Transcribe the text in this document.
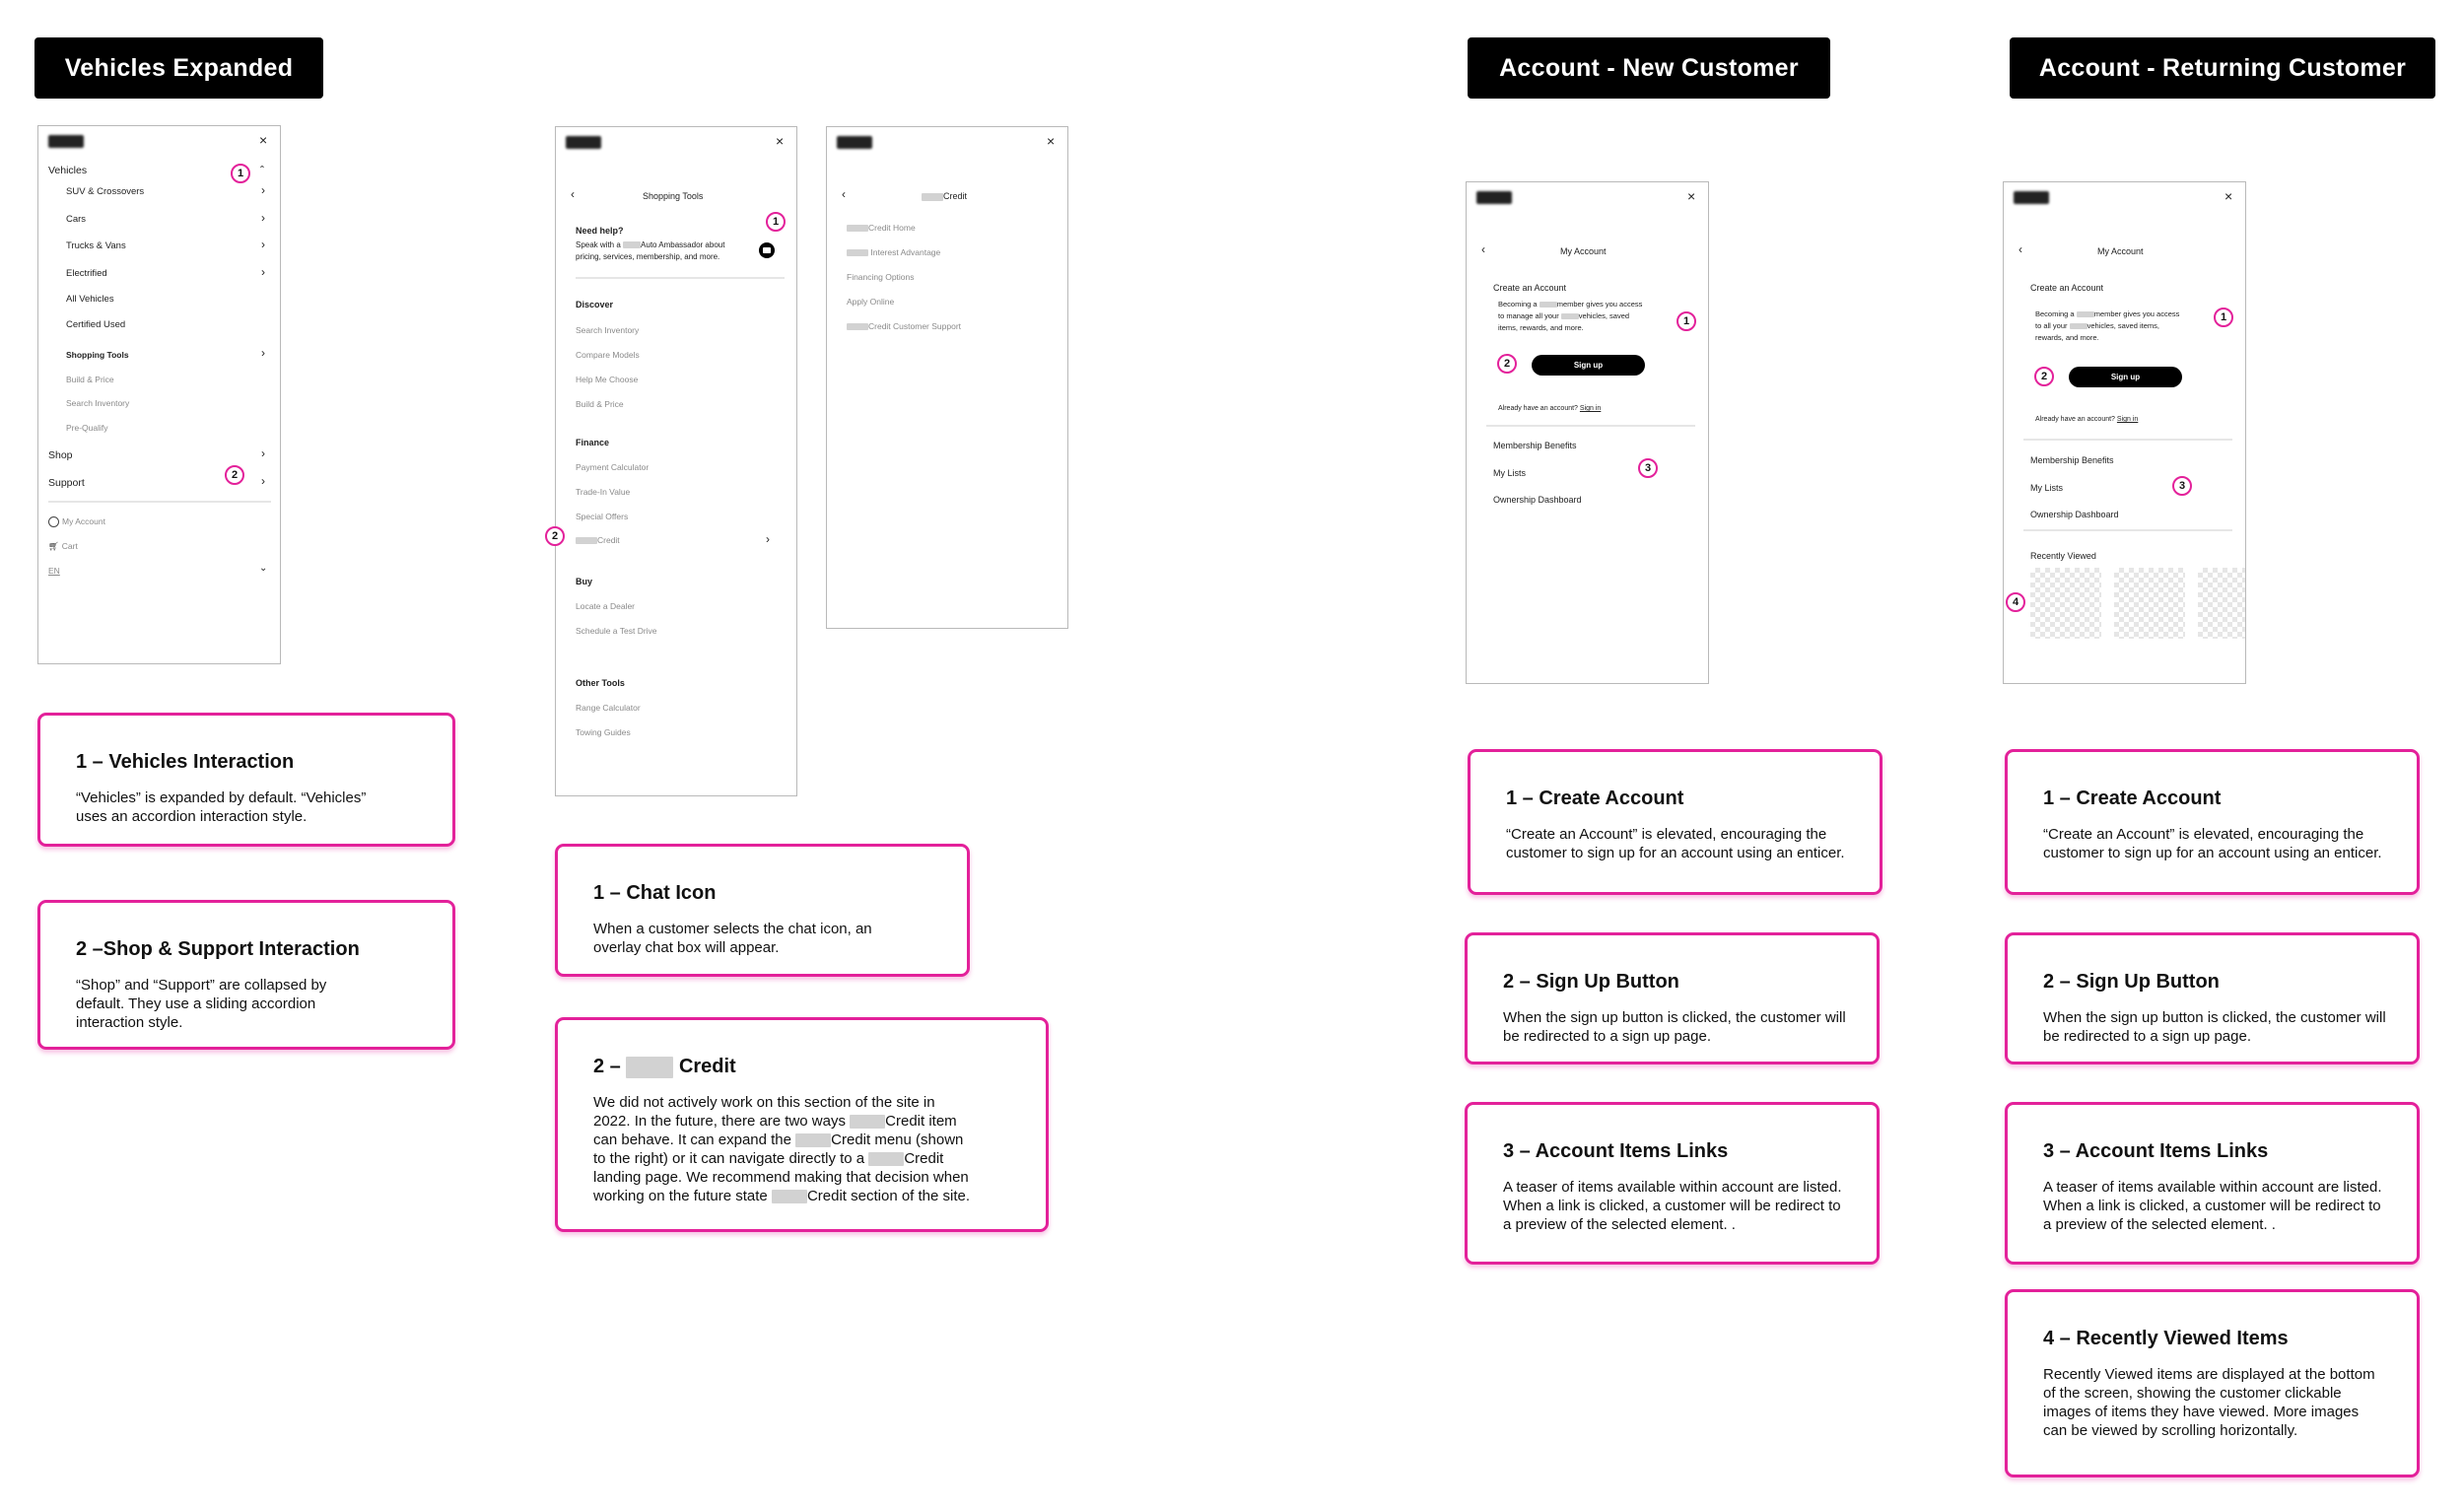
Vehicles Expanded	Account - New Customer	Account - Returning Customer
×
Vehicles	ˆ
SUV & Crossovers	›
Cars	›
Trucks & Vans	›
Electrified	›
All Vehicles
Certified Used
Shopping Tools	›
Build & Price
Search Inventory
Pre-Qualify
Shop	›
Support	›
My Account
🛒︎ Cart
EN	⌄
1
2
×
‹	Shopping Tools
Need help?
Speak with a	Auto Ambassador about
pricing, services, membership, and more.
Discover
Search Inventory
Compare Models
Help Me Choose
Build & Price
Finance
Payment Calculator
Trade-In Value
Special Offers
Credit	›
Buy
Locate a Dealer
Schedule a Test Drive
Other Tools
Range Calculator
Towing Guides
1
2
×
‹	Credit
Credit Home
Interest Advantage
Financing Options
Apply Online
Credit Customer Support
×
‹	My Account
Create an Account
Becoming a	member gives you access
to manage all your	vehicles, saved
items, rewards, and more.
Sign up
Already have an account? Sign in
Membership Benefits
My Lists
Ownership Dashboard
1
2
3
×
‹	My Account
Create an Account
Becoming a	member gives you access
to all your	vehicles, saved items,
rewards, and more.
Sign up
Already have an account? Sign in
Membership Benefits
My Lists
Ownership Dashboard
Recently Viewed
1
2
3
4
1 – Vehicles Interaction
“Vehicles” is expanded by default. “Vehicles” uses an accordion interaction style.
2 –Shop & Support Interaction
“Shop” and “Support” are collapsed by default. They use a sliding accordion interaction style.
1 – Chat Icon
When a customer selects the chat icon, an overlay chat box will appear.
2 –	Credit

We did not actively work on this section of the site in

2022. In the future, there are two ways	Credit item

can behave. It can expand the	Credit menu (shown

to the right) or it can navigate directly to a	Credit

landing page. We recommend making that decision when

working on the future state	Credit section of the site.

1 – Create Account
“Create an Account” is elevated, encouraging the customer to sign up for an account using an enticer.
2 – Sign Up Button
When the sign up button is clicked, the customer will be redirected to a sign up page.
3 – Account Items Links
A teaser of items available within account are listed. When a link is clicked, a customer will be redirect to a preview of the selected element. .
1 – Create Account
“Create an Account” is elevated, encouraging the customer to sign up for an account using an enticer.
2 – Sign Up Button
When the sign up button is clicked, the customer will be redirected to a sign up page.
3 – Account Items Links
A teaser of items available within account are listed. When a link is clicked, a customer will be redirect to a preview of the selected element. .
4 – Recently Viewed Items
Recently Viewed items are displayed at the bottom of the screen, showing the customer clickable images of items they have viewed. More images can be viewed by scrolling horizontally.
